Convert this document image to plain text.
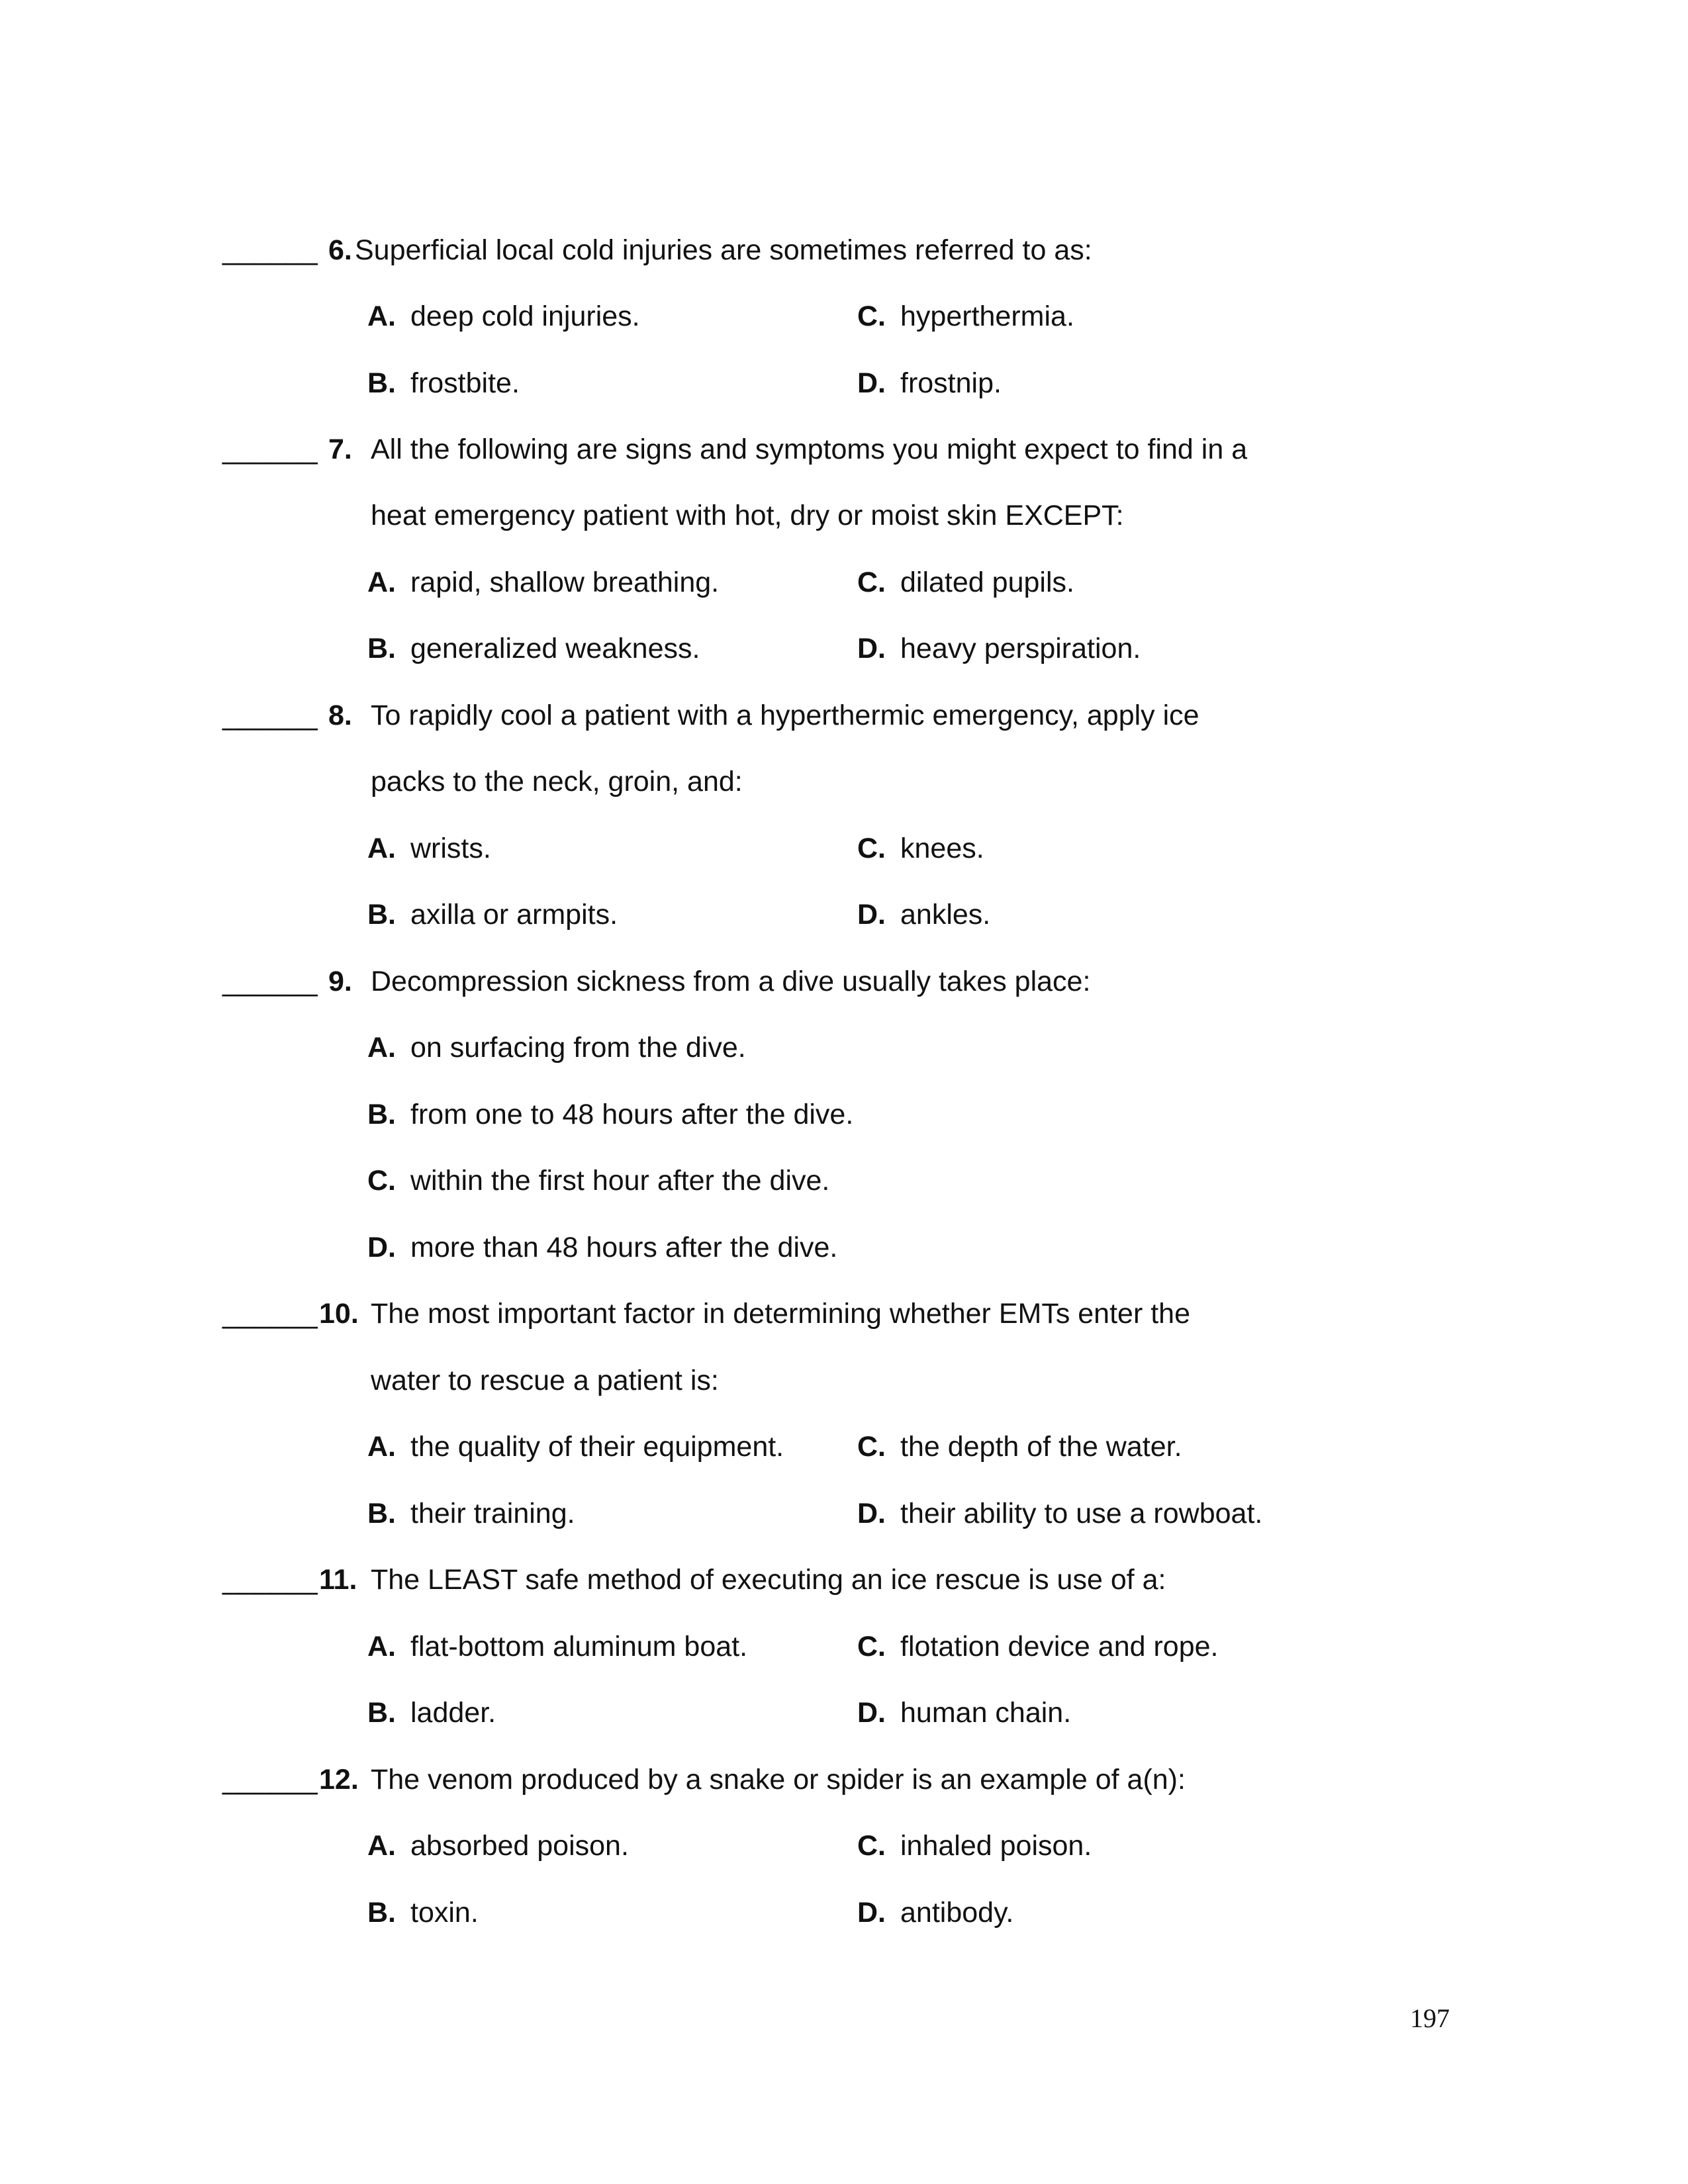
______ 6. Superficial local cold injuries are sometimes referred to as:
A. deep cold injuries.	C. hyperthermia.
B. frostbite.	D. frostnip.
______ 7. All the following are signs and symptoms you might expect to find in a
heat emergency patient with hot, dry or moist skin EXCEPT:
A. rapid, shallow breathing.	C. dilated pupils.
B. generalized weakness.	D. heavy perspiration.
______ 8. To rapidly cool a patient with a hyperthermic emergency, apply ice
packs to the neck, groin, and:
A. wrists.	C. knees.
B. axilla or armpits.	D. ankles.
______ 9. Decompression sickness from a dive usually takes place:
A. on surfacing from the dive.
B. from one to 48 hours after the dive.
C. within the first hour after the dive.
D. more than 48 hours after the dive.
______ 10. The most important factor in determining whether EMTs enter the
water to rescue a patient is:
A. the quality of their equipment.	C. the depth of the water.
B. their training.	D. their ability to use a rowboat.
______ 11. The LEAST safe method of executing an ice rescue is use of a:
A. flat-bottom aluminum boat.	C. flotation device and rope.
B. ladder.	D. human chain.
______ 12. The venom produced by a snake or spider is an example of a(n):
A. absorbed poison.	C. inhaled poison.
B. toxin.	D. antibody.
197
